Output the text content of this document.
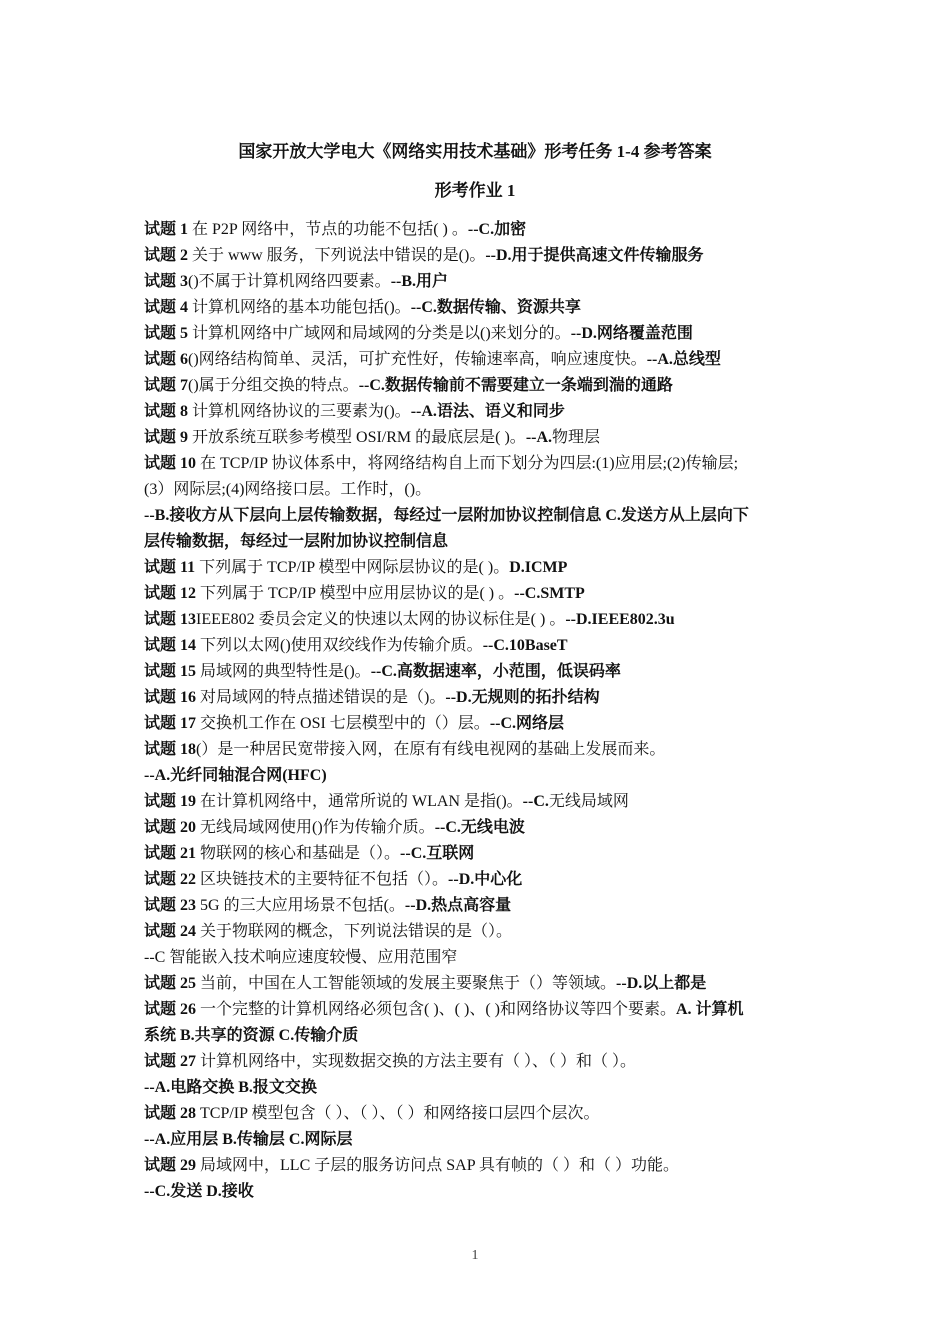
国家开放大学电大《网络实用技术基础》形考任务 1-4 参考答案
形考作业 1
试题 1 在 P2P 网络中，节点的功能不包括( ) 。--C.加密
试题 2 关于 www 服务，下列说法中错误的是()。--D.用于提供高速文件传输服务
试题 3()不属于计算机网络四要素。--B.用户
试题 4 计算机网络的基本功能包括()。--C.数据传输、资源共享
试题 5 计算机网络中广域网和局域网的分类是以()来划分的。--D.网络覆盖范围
试题 6()网络结构简单、灵活，可扩充性好，传输速率高，响应速度快。--A.总线型
试题 7()属于分组交换的特点。--C.数据传输前不需要建立一条端到湍的通路
试题 8 计算机网络协议的三要素为()。--A.语法、语义和同步
试题 9 开放系统互联参考模型 OSI/RM 的最底层是( )。--A.物理层
试题 10 在 TCP/IP 协议体系中，将网络结构自上而下划分为四层:(1)应用层;(2)传输层;
(3）网际层;(4)网络接口层。工作时，()。
--B.接收方从下层向上层传输数据，每经过一层附加协议控制信息 C.发送方从上层向下
层传输数据，每经过一层附加协议控制信息
试题 11 下列属于 TCP/IP 模型中网际层协议的是( )。D.ICMP
试题 12 下列属于 TCP/IP 模型中应用层协议的是( ) 。--C.SMTP
试题 13IEEE802 委员会定义的快速以太网的协议标住是( ) 。--D.IEEE802.3u
试题 14 下列以太网()使用双绞线作为传输介质。--C.10BaseT
试题 15 局域网的典型特性是()。--C.高数据速率，小范围，低误码率
试题 16 对局域网的特点描述错误的是（)。--D.无规则的拓扑结构
试题 17 交换机工作在 OSI 七层模型中的（）层。--C.网络层
试题 18(）是一种居民宽带接入网，在原有有线电视网的基础上发展而来。
--A.光纤同轴混合网(HFC)
试题 19 在计算机网络中，通常所说的 WLAN 是指()。--C.无线局域网
试题 20 无线局域网使用()作为传输介质。--C.无线电波
试题 21 物联网的核心和基础是（）。--C.互联网
试题 22 区块链技术的主要特征不包括（）。--D.中心化
试题 23 5G 的三大应用场景不包括(。--D.热点高容量
试题 24 关于物联网的概念，下列说法错误的是（）。
--C 智能嵌入技术响应速度较慢、应用范围窄
试题 25 当前，中国在人工智能领域的发展主要聚焦于（）等领域。--D.以上都是
试题 26 一个完整的计算机网络必须包含( )、( )、( )和网络协议等四个要素。A. 计算机
系统 B.共享的资源 C.传输介质
试题 27 计算机网络中，实现数据交换的方法主要有（ ）、（ ）和（ ）。
--A.电路交换 B.报文交换
试题 28 TCP/IP 模型包含（ ）、（ ）、（ ）和网络接口层四个层次。
--A.应用层 B.传输层 C.网际层
试题 29 局域网中，LLC 子层的服务访问点 SAP 具有帧的（ ）和（ ）功能。
--C.发送 D.接收
1
